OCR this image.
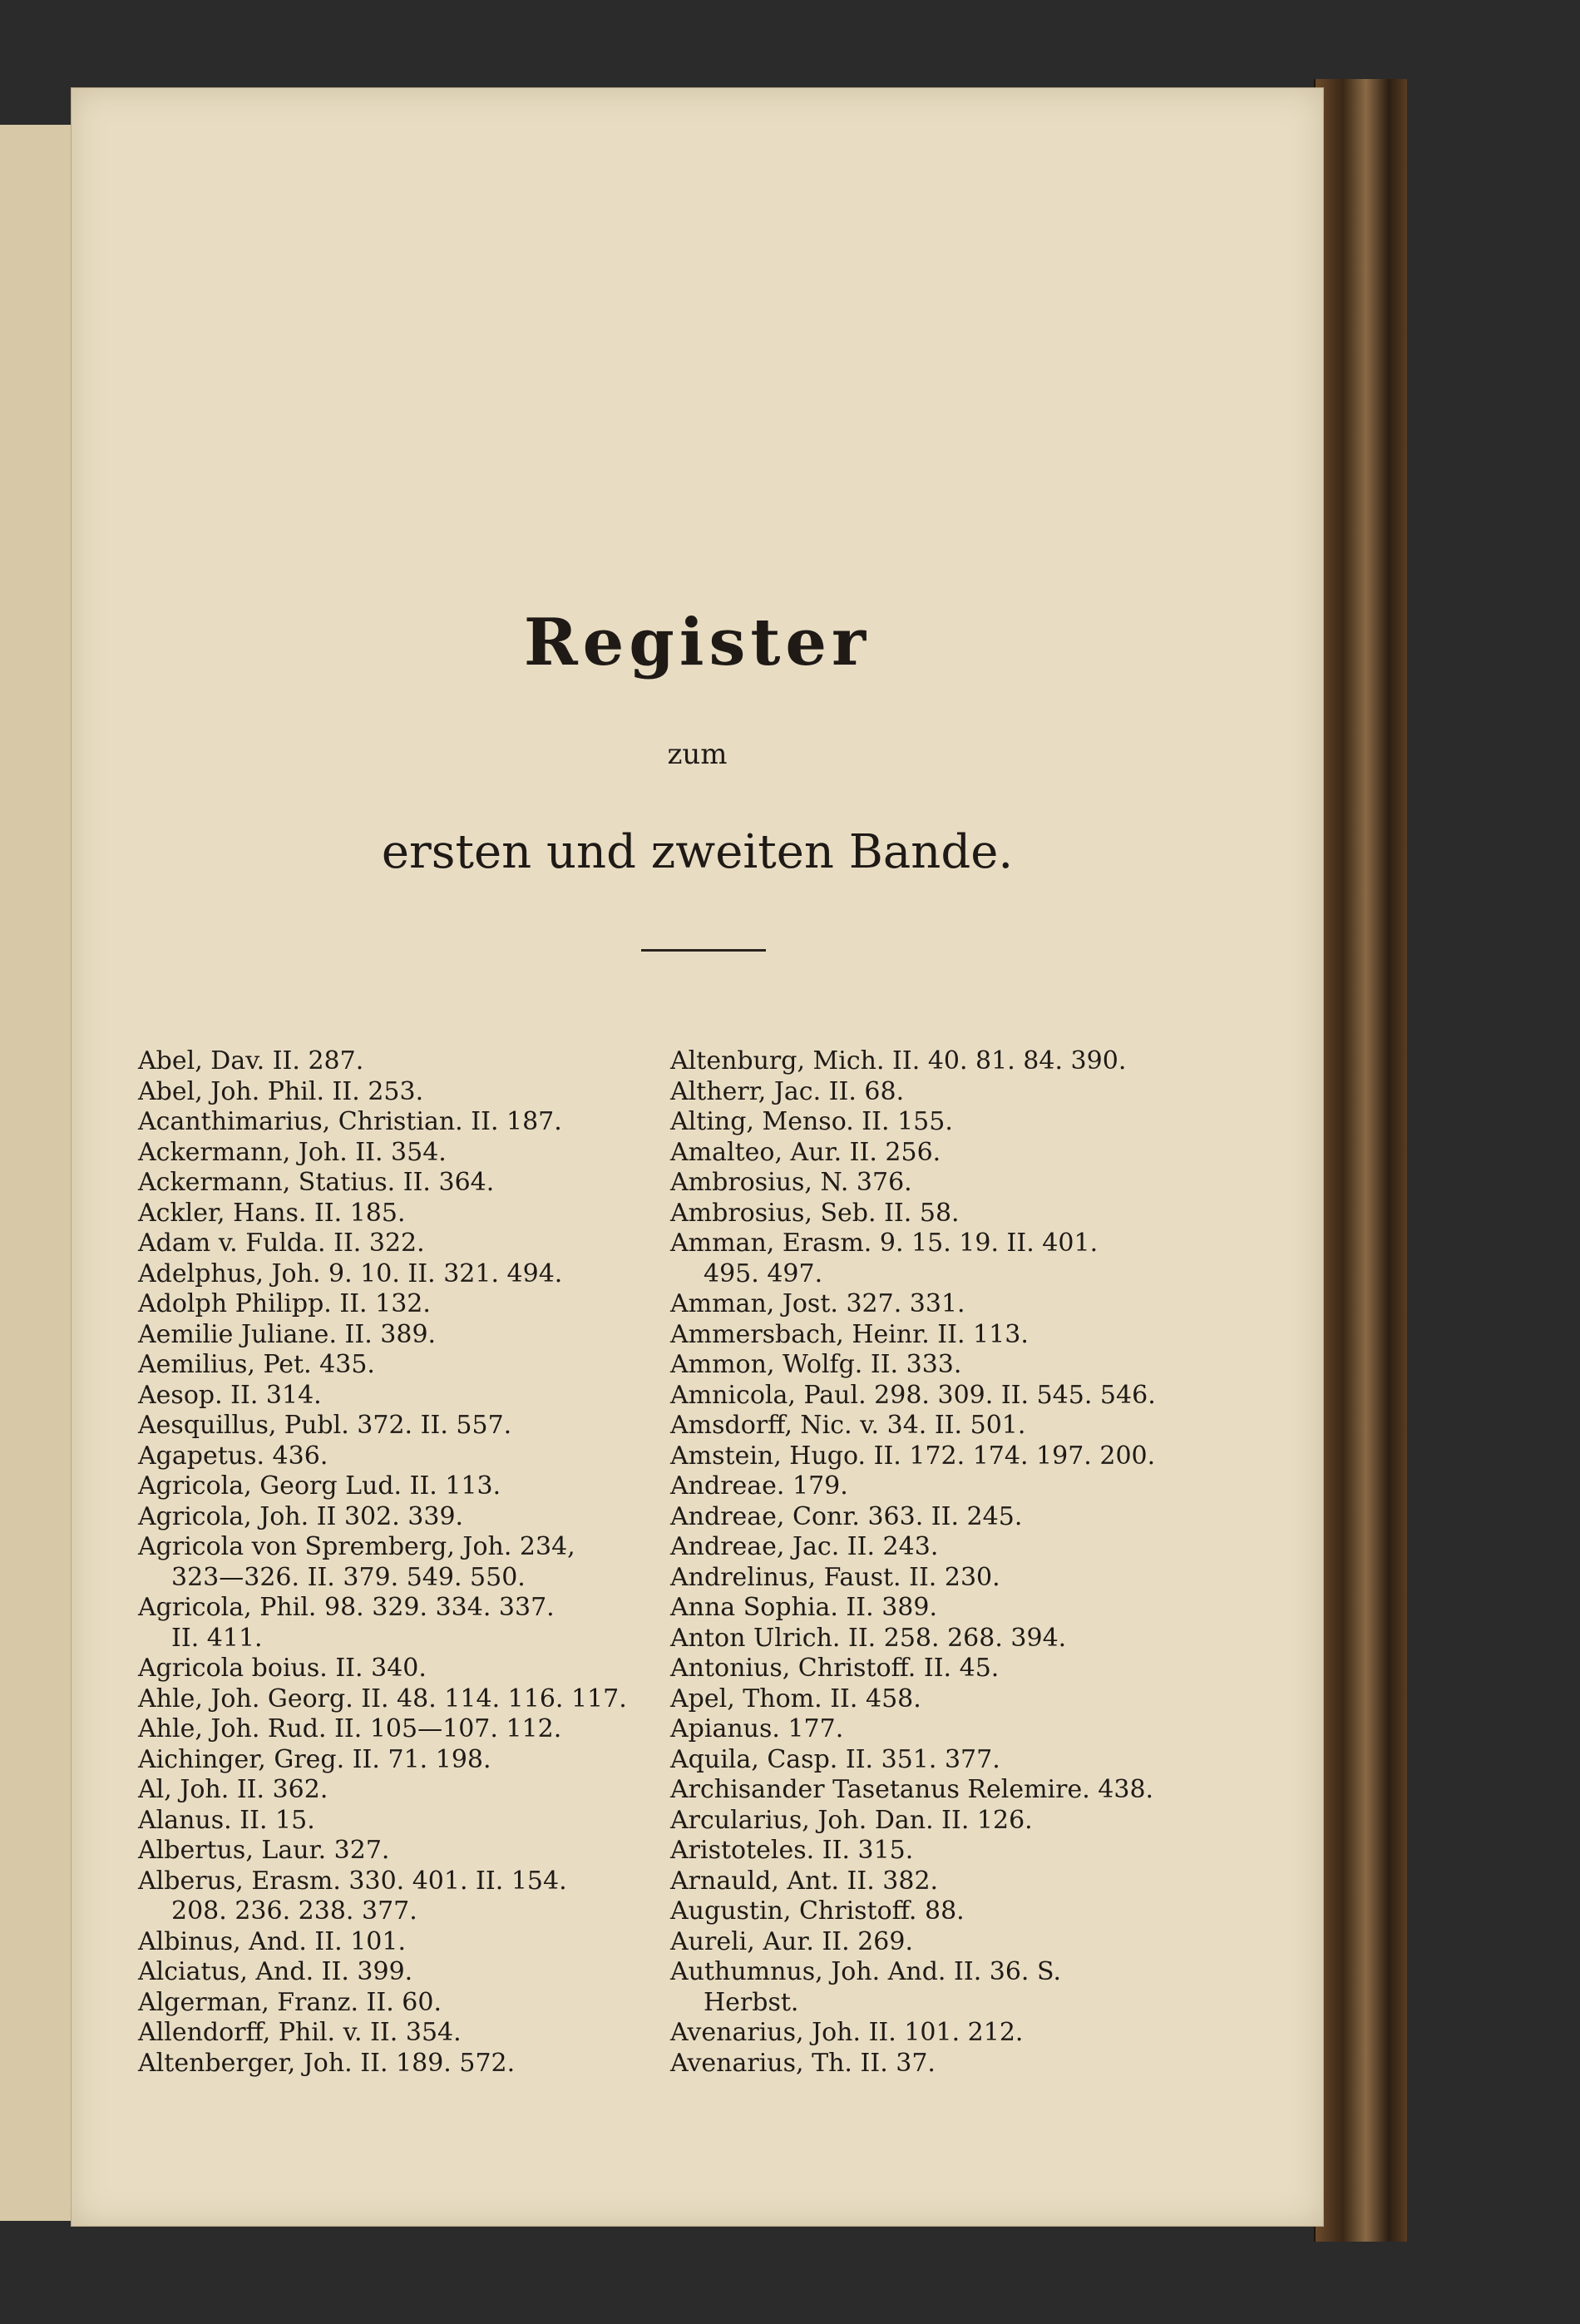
Register

zum

ersten und zweiten Bande.

Abel, Dav. II. 287.
Abel, Joh. Phil. II. 253.
Acanthimarius, Christian. II. 187.
Ackermann, Joh. II. 354.
Ackermann, Statius. II. 364.
Ackler, Hans. II. 185.
Adam v. Fulda. II. 322.
Adelphus, Joh. 9. 10. II. 321. 494.
Adolph Philipp. II. 132.
Aemilie Juliane. II. 389.
Aemilius, Pet. 435.
Aesop. II. 314.
Aesquillus, Publ. 372. II. 557.
Agapetus. 436.
Agricola, Georg Lud. II. 113.
Agricola, Joh. II 302. 339.
Agricola von Spremberg, Joh. 234,
323—326. II. 379. 549. 550.
Agricola, Phil. 98. 329. 334. 337.
II. 411.
Agricola boius. II. 340.
Ahle, Joh. Georg. II. 48. 114. 116. 117.
Ahle, Joh. Rud. II. 105—107. 112.
Aichinger, Greg. II. 71. 198.
Al, Joh. II. 362.
Alanus. II. 15.
Albertus, Laur. 327.
Alberus, Erasm. 330. 401. II. 154.
208. 236. 238. 377.
Albinus, And. II. 101.
Alciatus, And. II. 399.
Algerman, Franz. II. 60.
Allendorff, Phil. v. II. 354.
Altenberger, Joh. II. 189. 572.
Altenburg, Mich. II. 40. 81. 84. 390.
Altherr, Jac. II. 68.
Alting, Menso. II. 155.
Amalteo, Aur. II. 256.
Ambrosius, N. 376.
Ambrosius, Seb. II. 58.
Amman, Erasm. 9. 15. 19. II. 401.
495. 497.
Amman, Jost. 327. 331.
Ammersbach, Heinr. II. 113.
Ammon, Wolfg. II. 333.
Amnicola, Paul. 298. 309. II. 545. 546.
Amsdorff, Nic. v. 34. II. 501.
Amstein, Hugo. II. 172. 174. 197. 200.
Andreae. 179.
Andreae, Conr. 363. II. 245.
Andreae, Jac. II. 243.
Andrelinus, Faust. II. 230.
Anna Sophia. II. 389.
Anton Ulrich. II. 258. 268. 394.
Antonius, Christoff. II. 45.
Apel, Thom. II. 458.
Apianus. 177.
Aquila, Casp. II. 351. 377.
Archisander Tasetanus Relemire. 438.
Arcularius, Joh. Dan. II. 126.
Aristoteles. II. 315.
Arnauld, Ant. II. 382.
Augustin, Christoff. 88.
Aureli, Aur. II. 269.
Authumnus, Joh. And. II. 36. S.
Herbst.
Avenarius, Joh. II. 101. 212.
Avenarius, Th. II. 37.
